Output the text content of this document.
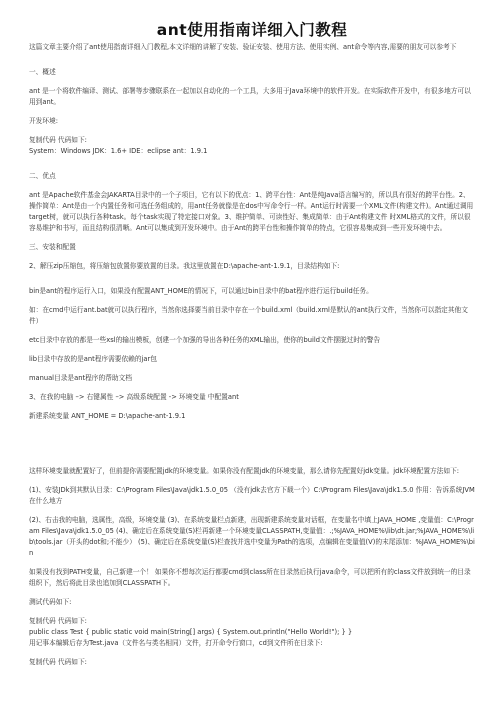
ant使用指南详细入门教程

这篇文章主要介绍了ant使用指南详细入门教程,本文详细的讲解了安装、验证安装、使用方法、使用实例、ant命令等内容,需要的朋友可以参考下

一、概述

ant 是一个将软件编译、测试、部署等步骤联系在一起加以自动化的一个工具，大多用于Java环境中的软件开发。在实际软件开发中，有很多地方可以用到ant。

开发环境:

复制代码 代码如下:

System：Windows JDK：1.6+ IDE：eclipse ant：1.9.1

二、优点

ant 是Apache软件基金会JAKARTA目录中的一个子项目，它有以下的优点：1、跨平台性：Ant是纯Java语言编写的，所以具有很好的跨平台性。2、操作简单：Ant是由一个内置任务和可选任务组成的，用ant任务就像是在dos中写命令行一样。Ant运行时需要一个XML文件(构建文件)。Ant通过调用target树，就可以执行各种task。每个task实现了特定接口对象。3、维护简单、可读性好、集成简单：由于Ant构建文件 时XML格式的文件，所以很容易维护和书写，而且结构很清晰。Ant可以集成到开发环境中。由于Ant的跨平台性和操作简单的特点，它很容易集成到一些开发环境中去。

三、安装和配置

2、解压zip压缩包，将压缩包放置你要放置的目录。我这里放置在D:\apache-ant-1.9.1，目录结构如下:

bin是ant的程序运行入口，如果没有配置ANT_HOME的情况下，可以通过bin目录中的bat程序进行运行build任务。

如：在cmd中运行ant.bat就可以执行程序，当然你选择要当前目录中存在一个build.xml（build.xml是默认的ant执行文件，当然你可以指定其他文件）

etc目录中存放的都是一些xsl的输出模板，创建一个加强的导出各种任务的XML输出，使你的build文件摆脱过时的警告

lib目录中存放的是ant程序需要依赖的jar包

manual目录是ant程序的帮助文档

3、在我的电脑 –> 右键属性 –> 高级系统配置 -> 环境变量 中配置ant

新建系统变量 ANT_HOME = D:\apache-ant-1.9.1

这样环境变量就配置好了，但前提你需要配置jdk的环境变量。如果你没有配置jdk的环境变量，那么请你先配置好jdk变量。jdk环境配置方法如下:

(1)、安装JDk到其默认目录：C:\Program Files\Java\jdk1.5.0_05 （没有jdk去官方下载一个）C:\Program Files\Java\jdk1.5.0 作用：告诉系统JVM在什么地方

(2)、右击我的电脑，选属性，高级，环境变量 (3)、在系统变量栏点新建，出现新建系统变量对话框，在变量名中填上JAVA_HOME ,变量值：C:\Program Files\Java\jdk1.5.0_05 (4)、确定后在系统变量(S)栏再新建一个环境变量CLASSPATH,变量值：.;%JAVA_HOME%\lib\dt.jar;%JAVA_HOME%\lib\tools.jar（开头的dot和;不能少） (5)、确定后在系统变量(S)栏查找并选中变量为Path的选项，点编辑在变量值(V)的末尾添加：%JAVA_HOME%\bin

如果没有找到PATH变量，自己新建一个！ 如果你不想每次运行都要cmd到class所在目录然后执行java命令，可以把所有的class文件放到统一的目录组织下，然后将此目录也追加到CLASSPATH下。

测试代码如下:

复制代码 代码如下:

public class Test { public static void main(String[] args) { System.out.println("Hello World!"); } }

用记事本编辑后存为Test.java（文件名与类名相同）文件，打开命令行窗口，cd到文件所在目录下:

复制代码 代码如下:
